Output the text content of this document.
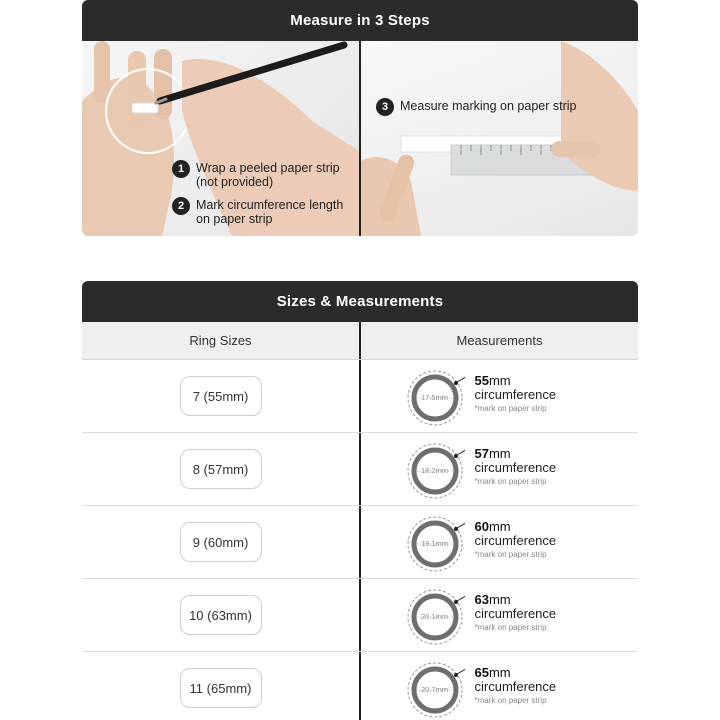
Measure in 3 Steps
1 Wrap a peeled paper strip
(not provided)
2 Mark circumference length
on paper strip
3 Measure marking on paper strip
Sizes & Measurements
Ring Sizes	Measurements
7 (55mm)	17.5mm
55mm
circumference
*mark on paper strip
8 (57mm)	18.2mm
57mm
circumference
*mark on paper strip
9 (60mm)	19.1mm
60mm
circumference
*mark on paper strip
10 (63mm)	20.1mm
63mm
circumference
*mark on paper strip
11 (65mm)	20.7mm
65mm
circumference
*mark on paper strip
